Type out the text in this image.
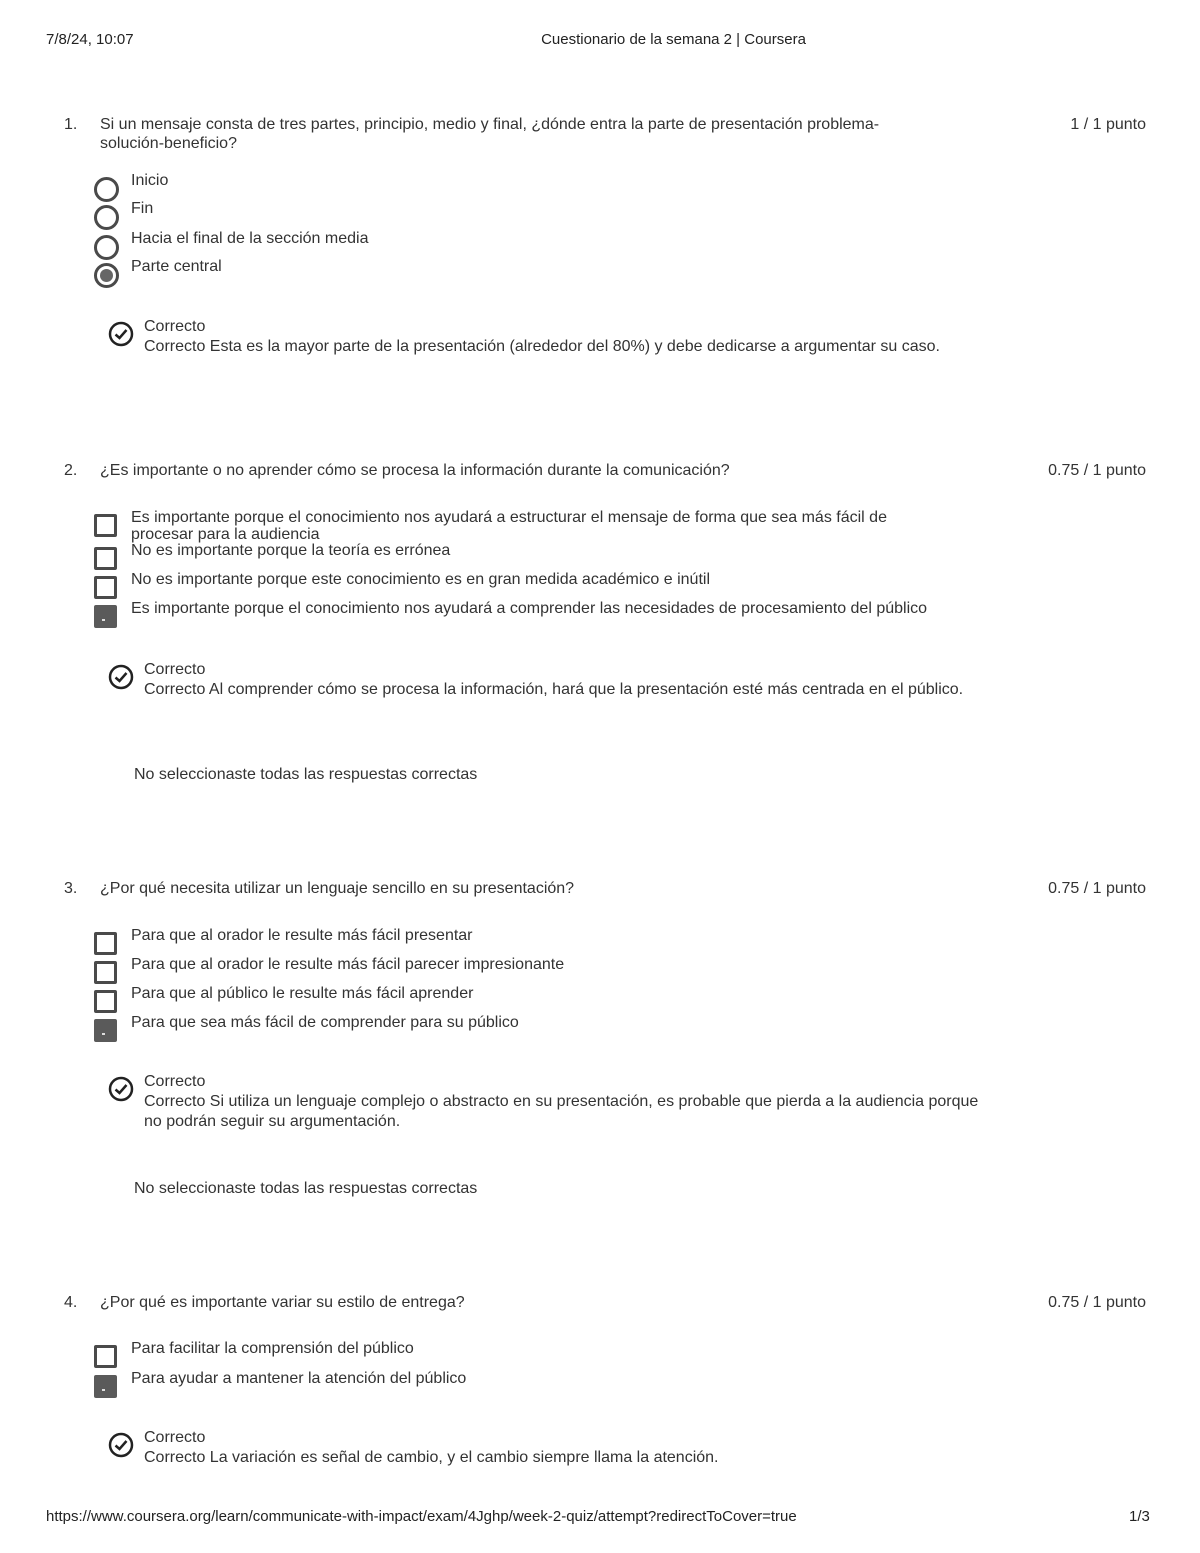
7/8/24, 10:07	Cuestionario de la semana 2 | Coursera
1. Si un mensaje consta de tres partes, principio, medio y final, ¿dónde entra la parte de presentación problema-solución-beneficio?
1 / 1 punto
Inicio
Fin
Hacia el final de la sección media
Parte central
Correcto
Correcto Esta es la mayor parte de la presentación (alrededor del 80%) y debe dedicarse a argumentar su caso.
2. ¿Es importante o no aprender cómo se procesa la información durante la comunicación?	0.75 / 1 punto
Es importante porque el conocimiento nos ayudará a estructurar el mensaje de forma que sea más fácil de procesar para la audiencia
No es importante porque la teoría es errónea
No es importante porque este conocimiento es en gran medida académico e inútil
Es importante porque el conocimiento nos ayudará a comprender las necesidades de procesamiento del público
Correcto
Correcto Al comprender cómo se procesa la información, hará que la presentación esté más centrada en el público.
No seleccionaste todas las respuestas correctas
3. ¿Por qué necesita utilizar un lenguaje sencillo en su presentación?	0.75 / 1 punto
Para que al orador le resulte más fácil presentar
Para que al orador le resulte más fácil parecer impresionante
Para que al público le resulte más fácil aprender
Para que sea más fácil de comprender para su público
Correcto
Correcto Si utiliza un lenguaje complejo o abstracto en su presentación, es probable que pierda a la audiencia porque no podrán seguir su argumentación.
No seleccionaste todas las respuestas correctas
4. ¿Por qué es importante variar su estilo de entrega?	0.75 / 1 punto
Para facilitar la comprensión del público
Para ayudar a mantener la atención del público
Correcto
Correcto La variación es señal de cambio, y el cambio siempre llama la atención.
https://www.coursera.org/learn/communicate-with-impact/exam/4Jghp/week-2-quiz/attempt?redirectToCover=true	1/3
